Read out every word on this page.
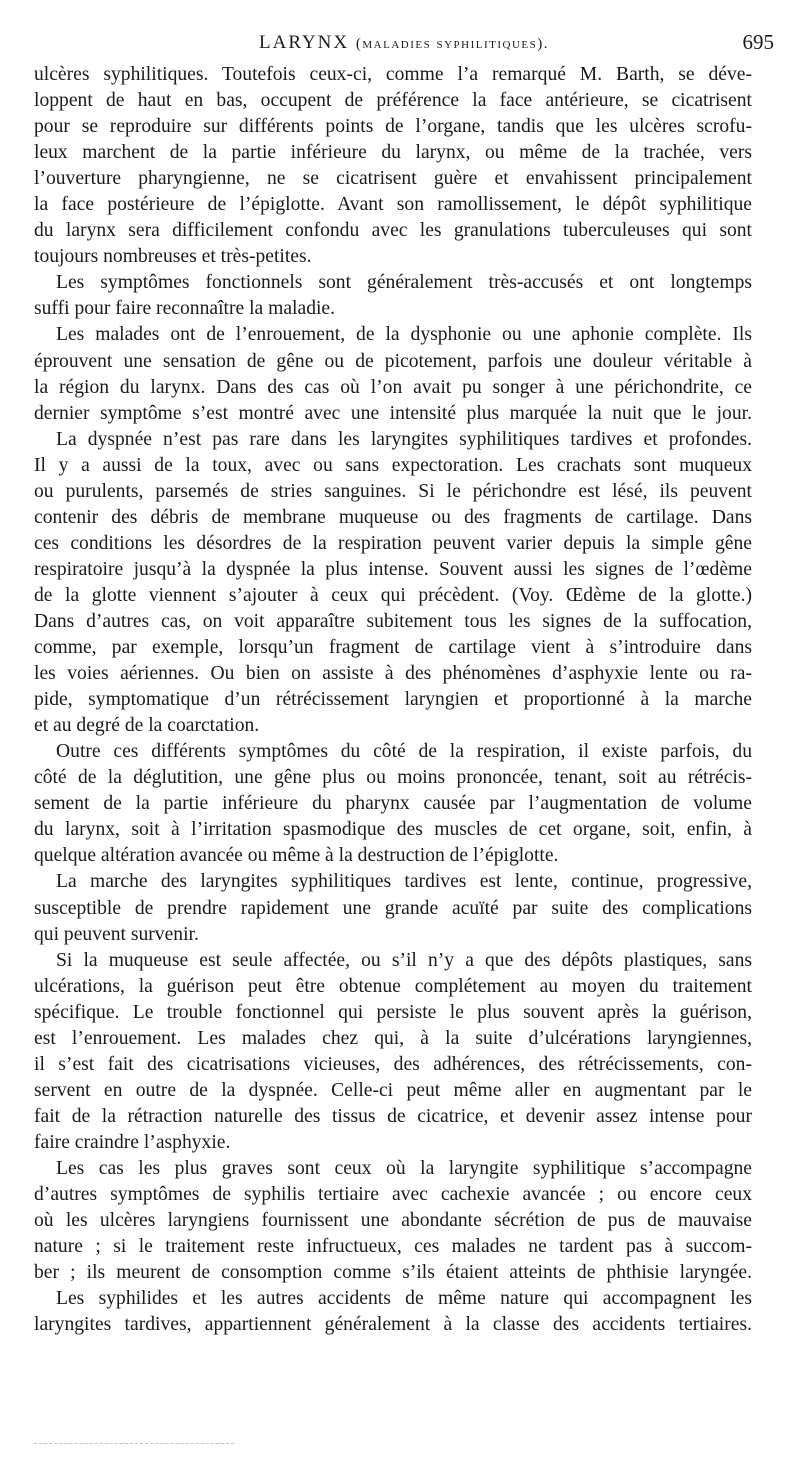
LARYNX (maladies syphilitiques).	695
ulcères syphilitiques. Toutefois ceux-ci, comme l’a remarqué M. Barth, se déve-
loppent de haut en bas, occupent de préférence la face antérieure, se cicatrisent
pour se reproduire sur différents points de l’organe, tandis que les ulcères scrofu-
leux marchent de la partie inférieure du larynx, ou même de la trachée, vers
l’ouverture pharyngienne, ne se cicatrisent guère et envahissent principalement
la face postérieure de l’épiglotte. Avant son ramollissement, le dépôt syphilitique
du larynx sera difficilement confondu avec les granulations tuberculeuses qui sont
toujours nombreuses et très-petites.
Les symptômes fonctionnels sont généralement très-accusés et ont longtemps
suffi pour faire reconnaître la maladie.
Les malades ont de l’enrouement, de la dysphonie ou une aphonie complète. Ils
éprouvent une sensation de gêne ou de picotement, parfois une douleur véritable à
la région du larynx. Dans des cas où l’on avait pu songer à une périchondrite, ce
dernier symptôme s’est montré avec une intensité plus marquée la nuit que le jour.
La dyspnée n’est pas rare dans les laryngites syphilitiques tardives et profondes.
Il y a aussi de la toux, avec ou sans expectoration. Les crachats sont muqueux
ou purulents, parsemés de stries sanguines. Si le périchondre est lésé, ils peuvent
contenir des débris de membrane muqueuse ou des fragments de cartilage. Dans
ces conditions les désordres de la respiration peuvent varier depuis la simple gêne
respiratoire jusqu’à la dyspnée la plus intense. Souvent aussi les signes de l’œdème
de la glotte viennent s’ajouter à ceux qui précèdent. (Voy. Œdème de la glotte.)
Dans d’autres cas, on voit apparaître subitement tous les signes de la suffocation,
comme, par exemple, lorsqu’un fragment de cartilage vient à s’introduire dans
les voies aériennes. Ou bien on assiste à des phénomènes d’asphyxie lente ou ra-
pide, symptomatique d’un rétrécissement laryngien et proportionné à la marche
et au degré de la coarctation.
Outre ces différents symptômes du côté de la respiration, il existe parfois, du
côté de la déglutition, une gêne plus ou moins prononcée, tenant, soit au rétrécis-
sement de la partie inférieure du pharynx causée par l’augmentation de volume
du larynx, soit à l’irritation spasmodique des muscles de cet organe, soit, enfin, à
quelque altération avancée ou même à la destruction de l’épiglotte.
La marche des laryngites syphilitiques tardives est lente, continue, progressive,
susceptible de prendre rapidement une grande acuïté par suite des complications
qui peuvent survenir.
Si la muqueuse est seule affectée, ou s’il n’y a que des dépôts plastiques, sans
ulcérations, la guérison peut être obtenue complétement au moyen du traitement
spécifique. Le trouble fonctionnel qui persiste le plus souvent après la guérison,
est l’enrouement. Les malades chez qui, à la suite d’ulcérations laryngiennes,
il s’est fait des cicatrisations vicieuses, des adhérences, des rétrécissements, con-
servent en outre de la dyspnée. Celle-ci peut même aller en augmentant par le
fait de la rétraction naturelle des tissus de cicatrice, et devenir assez intense pour
faire craindre l’asphyxie.
Les cas les plus graves sont ceux où la laryngite syphilitique s’accompagne
d’autres symptômes de syphilis tertiaire avec cachexie avancée ; ou encore ceux
où les ulcères laryngiens fournissent une abondante sécrétion de pus de mauvaise
nature ; si le traitement reste infructueux, ces malades ne tardent pas à succom-
ber ; ils meurent de consomption comme s’ils étaient atteints de phthisie laryngée.
Les syphilides et les autres accidents de même nature qui accompagnent les
laryngites tardives, appartiennent généralement à la classe des accidents tertiaires.
